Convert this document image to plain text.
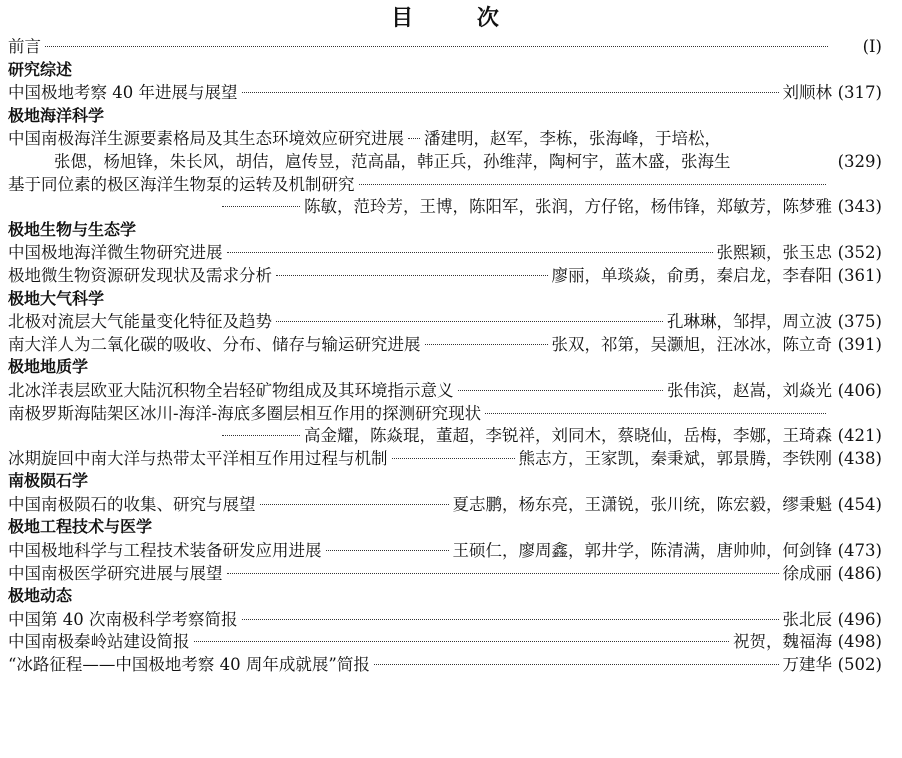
目 次
前言	(I)
研究综述
中国极地考察 40 年进展与展望	刘顺林 (317)
极地海洋科学
中国南极海洋生源要素格局及其生态环境效应研究进展 潘建明，赵军，李栋，张海峰，于培松，
张偲，杨旭锋，朱长风，胡佶，扈传昱，范高晶，韩正兵，孙维萍，陶柯宇，蓝木盛，张海生	(329)
基于同位素的极区海洋生物泵的运转及机制研究
陈敏，范玲芳，王博，陈阳军，张润，方仔铭，杨伟锋，郑敏芳，陈梦雅 (343)
极地生物与生态学
中国极地海洋微生物研究进展	张熙颖，张玉忠 (352)
极地微生物资源研发现状及需求分析	廖丽，单琰焱，俞勇，秦启龙，李春阳 (361)
极地大气科学
北极对流层大气能量变化特征及趋势	孔琳琳，邹捍，周立波 (375)
南大洋人为二氧化碳的吸收、分布、储存与输运研究进展	张双，祁第，吴灏旭，汪冰冰，陈立奇 (391)
极地地质学
北冰洋表层欧亚大陆沉积物全岩轻矿物组成及其环境指示意义	张伟滨，赵嵩，刘焱光 (406)
南极罗斯海陆架区冰川-海洋-海底多圈层相互作用的探测研究现状
高金耀，陈焱琨，董超，李锐祥，刘同木，蔡晓仙，岳梅，李娜，王琦森 (421)
冰期旋回中南大洋与热带太平洋相互作用过程与机制	熊志方，王家凯，秦秉斌，郭景腾，李铁刚 (438)
南极陨石学
中国南极陨石的收集、研究与展望	夏志鹏，杨东亮，王潇锐，张川统，陈宏毅，缪秉魁 (454)
极地工程技术与医学
中国极地科学与工程技术装备研发应用进展	王硕仁，廖周鑫，郭井学，陈清满，唐帅帅，何剑锋 (473)
中国南极医学研究进展与展望	徐成丽 (486)
极地动态
中国第 40 次南极科学考察简报	张北辰 (496)
中国南极秦岭站建设简报	祝贺，魏福海 (498)
“冰路征程——中国极地考察 40 周年成就展”简报	万建华 (502)
